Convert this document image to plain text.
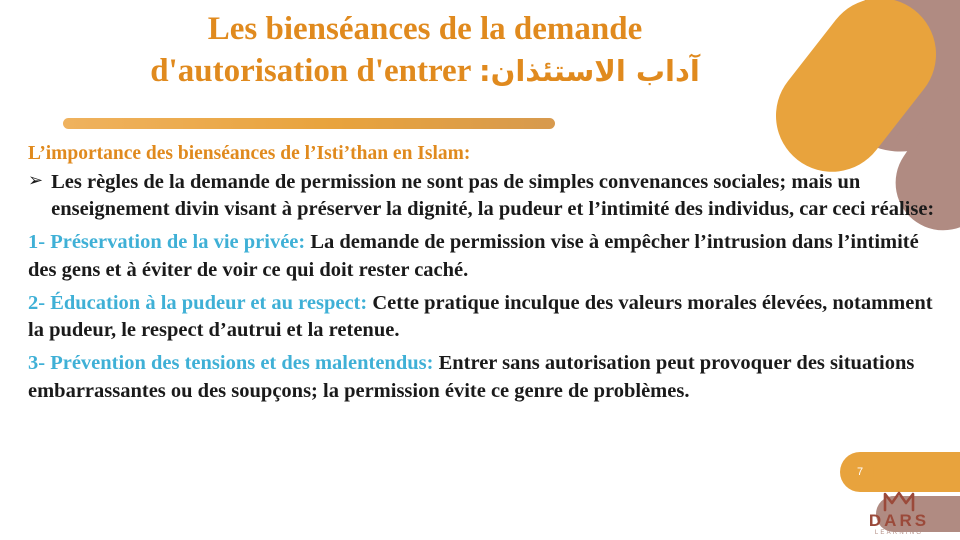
7
Les bienséances de la demande
d'autorisation d'entrer آداب الاستئذان:
L’importance des bienséances de l’Isti’than en Islam:
➢ Les règles de la demande de permission ne sont pas de simples convenances sociales; mais un enseignement divin visant à préserver la dignité, la pudeur et l’intimité des individus, car ceci réalise:
1- Préservation de la vie privée: La demande de permission vise à empêcher l’intrusion dans l’intimité des gens et à éviter de voir ce qui doit rester caché.
2- Éducation à la pudeur et au respect: Cette pratique inculque des valeurs morales élevées, notamment la pudeur, le respect d’autrui et la retenue.
3- Prévention des tensions et des malentendus: Entrer sans autorisation peut provoquer des situations embarrassantes ou des soupçons; la permission évite ce genre de problèmes.
DARS
LEARNING
